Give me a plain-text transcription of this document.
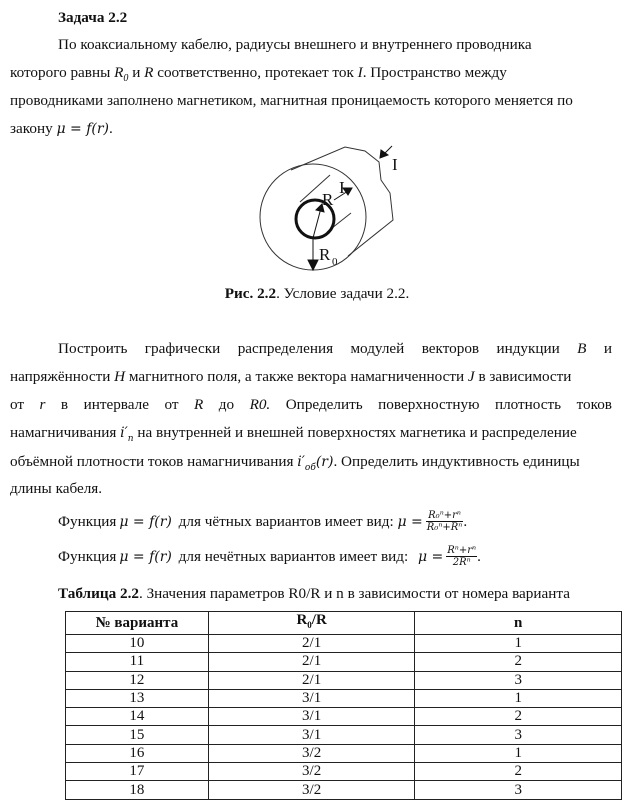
Задача 2.2
По коаксиальному кабелю, радиусы внешнего и внутреннего проводника
которого равны $R_0$ и R соответственно, протекает ток I. Пространство между
проводниками заполнено магнетиком, магнитная проницаемость которого меняется по
закону μ = f(r).
R
I
R 0
I
Рис. 2.2. Условие задачи 2.2.
Построить графически распределения модулей векторов индукции B и
напряжённости H магнитного поля, а также вектора намагниченности J в зависимости
от r в интервале от R до R0. Определить поверхностную плотность токов
намагничивания $i'_п$ на внутренней и внешней поверхностях магнетика и распределение
объёмной плотности токов намагничивания $i'_{об}(r)$. Определить индуктивность единицы
длины кабеля.
Функция μ = f(r) для чётных вариантов имеет вид: $\mu = \frac{\text{R₀ⁿ+rⁿ}}{\text{R₀ⁿ+Rⁿ}}$ .
Функция μ = f(r) для нечётных вариантов имеет вид: $\mu = \frac{\text{Rⁿ+rⁿ}}{\text{2Rⁿ}}$ .
Таблица 2.2. Значения параметров R0/R и n в зависимости от номера варианта
№ варианта	$R_0/R$	n
10	2/1	1
11	2/1	2
12	2/1	3
13	3/1	1
14	3/1	2
15	3/1	3
16	3/2	1
17	3/2	2
18	3/2	3
